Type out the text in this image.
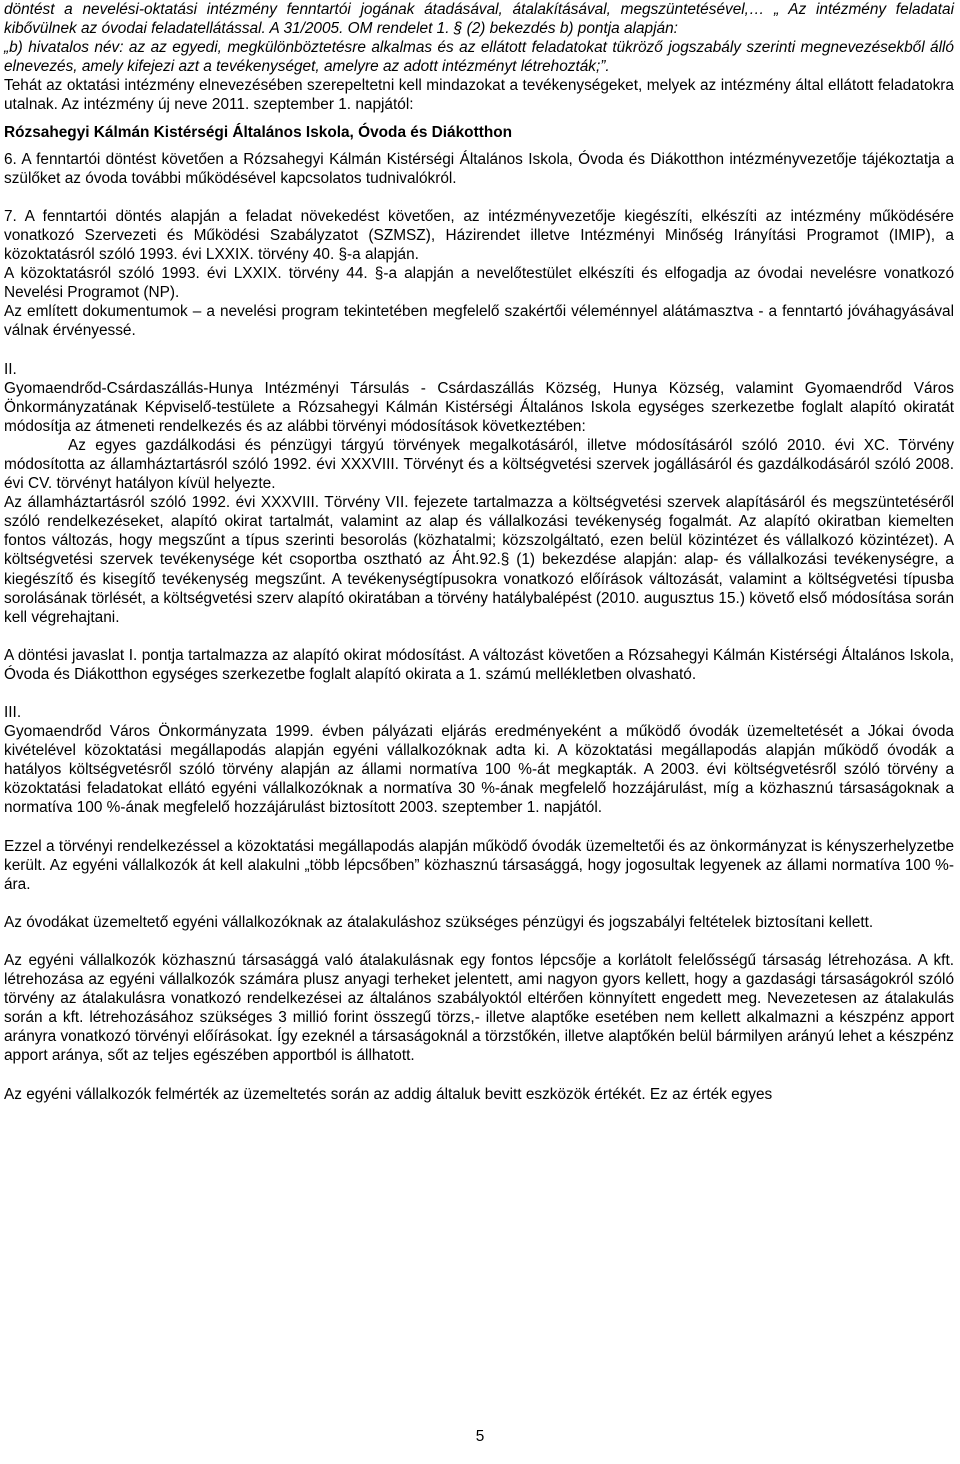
döntést a nevelési-oktatási intézmény fenntartói jogának átadásával, átalakításával, megszüntetésével,… „ Az intézmény feladatai kibővülnek az óvodai feladatellátással. A 31/2005. OM rendelet 1. § (2) bekezdés b) pontja alapján:

„b) hivatalos név: az az egyedi, megkülönböztetésre alkalmas és az ellátott feladatokat tükröző jogszabály szerinti megnevezésekből álló elnevezés, amely kifejezi azt a tevékenységet, amelyre az adott intézményt létrehozták;”.

Tehát az oktatási intézmény elnevezésében szerepeltetni kell mindazokat a tevékenységeket, melyek az intézmény által ellátott feladatokra utalnak. Az intézmény új neve 2011. szeptember 1. napjától:

Rózsahegyi Kálmán Kistérségi Általános Iskola, Óvoda és Diákotthon

6. A fenntartói döntést követően a Rózsahegyi Kálmán Kistérségi Általános Iskola, Óvoda és Diákotthon intézményvezetője tájékoztatja a szülőket az óvoda további működésével kapcsolatos tudnivalókról.

7. A fenntartói döntés alapján a feladat növekedést követően, az intézményvezetője kiegészíti, elkészíti az intézmény működésére vonatkozó Szervezeti és Működési Szabályzatot (SZMSZ), Házirendet illetve Intézményi Minőség Irányítási Programot (IMIP), a közoktatásról szóló 1993. évi LXXIX. törvény 40. §-a alapján.

A közoktatásról szóló 1993. évi LXXIX. törvény 44. §-a alapján a nevelőtestület elkészíti és elfogadja az óvodai nevelésre vonatkozó Nevelési Programot (NP).

Az említett dokumentumok – a nevelési program tekintetében megfelelő szakértői véleménnyel alátámasztva - a fenntartó jóváhagyásával válnak érvényessé.

II.

Gyomaendrőd-Csárdaszállás-Hunya Intézményi Társulás - Csárdaszállás Község, Hunya Község, valamint Gyomaendrőd Város Önkormányzatának Képviselő-testülete a Rózsahegyi Kálmán Kistérségi Általános Iskola egységes szerkezetbe foglalt alapító okiratát módosítja az átmeneti rendelkezés és az alábbi törvényi módosítások következtében:

Az egyes gazdálkodási és pénzügyi tárgyú törvények megalkotásáról, illetve módosításáról szóló 2010. évi XC. Törvény módosította az államháztartásról szóló 1992. évi XXXVIII. Törvényt és a költségvetési szervek jogállásáról és gazdálkodásáról szóló 2008. évi CV. törvényt hatályon kívül helyezte.

Az államháztartásról szóló 1992. évi XXXVIII. Törvény VII. fejezete tartalmazza a költségvetési szervek alapításáról és megszüntetéséről szóló rendelkezéseket, alapító okirat tartalmát, valamint az alap és vállalkozási tevékenység fogalmát. Az alapító okiratban kiemelten fontos változás, hogy megszűnt a típus szerinti besorolás (közhatalmi; közszolgáltató, ezen belül közintézet és vállalkozó közintézet). A költségvetési szervek tevékenysége két csoportba osztható az Áht.92.§ (1) bekezdése alapján: alap- és vállalkozási tevékenységre, a kiegészítő és kisegítő tevékenység megszűnt. A tevékenységtípusokra vonatkozó előírások változását, valamint a költségvetési típusba sorolásának törlését, a költségvetési szerv alapító okiratában a törvény hatálybalépést (2010. augusztus 15.) követő első módosítása során kell végrehajtani.

A döntési javaslat I. pontja tartalmazza az alapító okirat módosítást. A változást követően a Rózsahegyi Kálmán Kistérségi Általános Iskola, Óvoda és Diákotthon egységes szerkezetbe foglalt alapító okirata a 1. számú mellékletben olvasható.

III.

Gyomaendrőd Város Önkormányzata 1999. évben pályázati eljárás eredményeként a működő óvodák üzemeltetését a Jókai óvoda kivételével közoktatási megállapodás alapján egyéni vállalkozóknak adta ki. A közoktatási megállapodás alapján működő óvodák a hatályos költségvetésről szóló törvény alapján az állami normatíva 100 %-át megkapták. A 2003. évi költségvetésről szóló törvény a közoktatási feladatokat ellátó egyéni vállalkozóknak a normatíva 30 %-ának megfelelő hozzájárulást, míg a közhasznú társaságoknak a normatíva 100 %-ának megfelelő hozzájárulást biztosított 2003. szeptember 1. napjától.

Ezzel a törvényi rendelkezéssel a közoktatási megállapodás alapján működő óvodák üzemeltetői és az önkormányzat is kényszerhelyzetbe került. Az egyéni vállalkozók át kell alakulni „több lépcsőben” közhasznú társasággá, hogy jogosultak legyenek az állami normatíva 100 %-ára.

Az óvodákat üzemeltető egyéni vállalkozóknak az átalakuláshoz szükséges pénzügyi és jogszabályi feltételek biztosítani kellett.

Az egyéni vállalkozók közhasznú társasággá való átalakulásnak egy fontos lépcsője a korlátolt felelősségű társaság létrehozása. A kft. létrehozása az egyéni vállalkozók számára plusz anyagi terheket jelentett, ami nagyon gyors kellett, hogy a gazdasági társaságokról szóló törvény az átalakulásra vonatkozó rendelkezései az általános szabályoktól eltérően könnyített engedett meg. Nevezetesen az átalakulás során a kft. létrehozásához szükséges 3 millió forint összegű törzs,- illetve alaptőke esetében nem kellett alkalmazni a készpénz apport arányra vonatkozó törvényi előírásokat. Így ezeknél a társaságoknál a törzstőkén, illetve alaptőkén belül bármilyen arányú lehet a készpénz apport aránya, sőt az teljes egészében apportból is állhatott.

Az egyéni vállalkozók felmérték az üzemeltetés során az addig általuk bevitt eszközök értékét. Ez az érték egyes

5
